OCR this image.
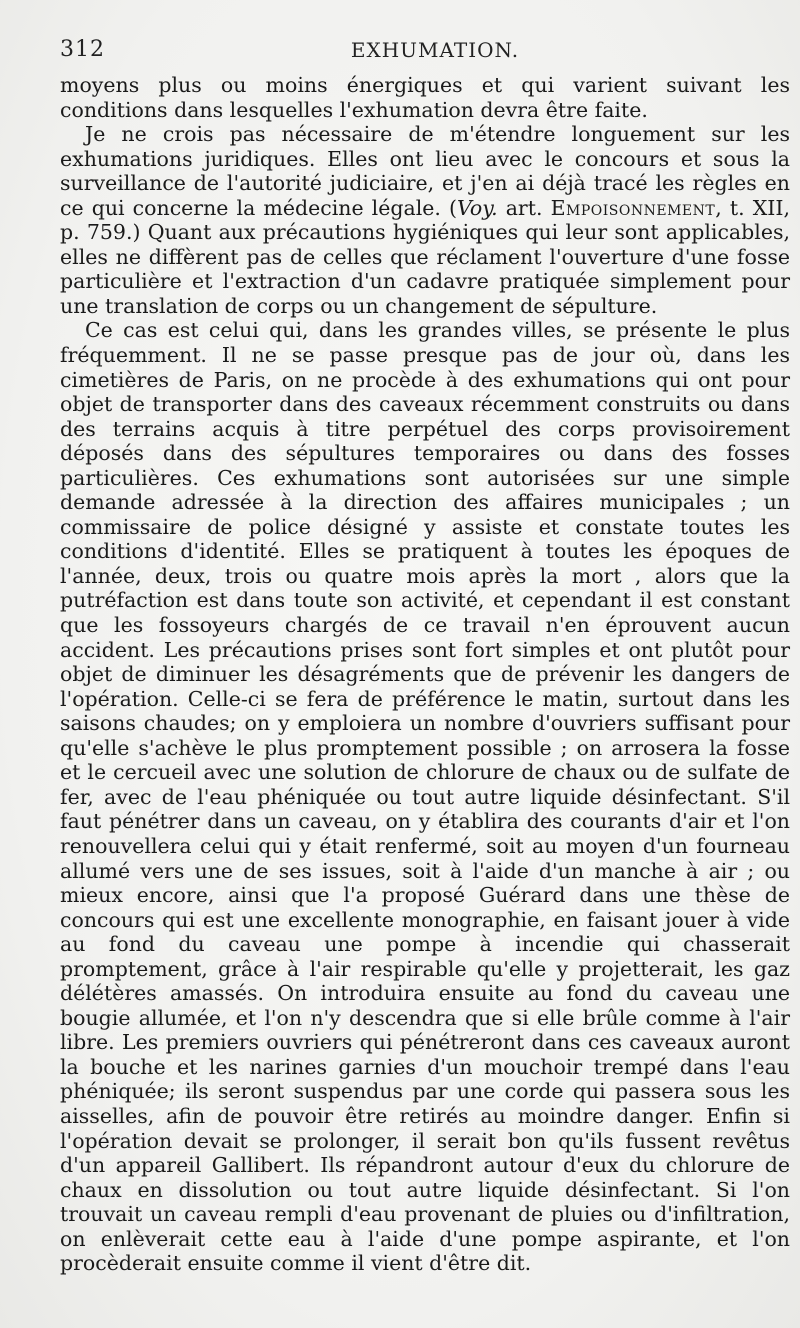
312	EXHUMATION.

moyens plus ou moins énergiques et qui varient suivant les conditions dans lesquelles l'exhumation devra être faite.

Je ne crois pas nécessaire de m'étendre longuement sur les exhumations juridiques. Elles ont lieu avec le concours et sous la surveillance de l'autorité judiciaire, et j'en ai déjà tracé les règles en ce qui concerne la médecine légale. (Voy. art. Empoisonnement, t. XII, p. 759.) Quant aux précautions hygiéniques qui leur sont applicables, elles ne diffèrent pas de celles que réclament l'ouverture d'une fosse particulière et l'extraction d'un cadavre pratiquée simplement pour une translation de corps ou un changement de sépulture.

Ce cas est celui qui, dans les grandes villes, se présente le plus fréquemment. Il ne se passe presque pas de jour où, dans les cimetières de Paris, on ne procède à des exhumations qui ont pour objet de transporter dans des caveaux récemment construits ou dans des terrains acquis à titre perpétuel des corps provisoirement déposés dans des sépultures temporaires ou dans des fosses particulières. Ces exhumations sont autorisées sur une simple demande adressée à la direction des affaires municipales ; un commissaire de police désigné y assiste et constate toutes les conditions d'identité. Elles se pratiquent à toutes les époques de l'année, deux, trois ou quatre mois après la mort , alors que la putréfaction est dans toute son activité, et cependant il est constant que les fossoyeurs chargés de ce travail n'en éprouvent aucun accident. Les précautions prises sont fort simples et ont plutôt pour objet de diminuer les désagréments que de prévenir les dangers de l'opération. Celle-ci se fera de préférence le matin, surtout dans les saisons chaudes; on y emploiera un nombre d'ouvriers suffisant pour qu'elle s'achève le plus promptement possible ; on arrosera la fosse et le cercueil avec une solution de chlorure de chaux ou de sulfate de fer, avec de l'eau phéniquée ou tout autre liquide désinfectant. S'il faut pénétrer dans un caveau, on y établira des courants d'air et l'on renouvellera celui qui y était renfermé, soit au moyen d'un fourneau allumé vers une de ses issues, soit à l'aide d'un manche à air ; ou mieux encore, ainsi que l'a proposé Guérard dans une thèse de concours qui est une excellente monographie, en faisant jouer à vide au fond du caveau une pompe à incendie qui chasserait promptement, grâce à l'air respirable qu'elle y projetterait, les gaz délétères amassés. On introduira ensuite au fond du caveau une bougie allumée, et l'on n'y descendra que si elle brûle comme à l'air libre. Les premiers ouvriers qui pénétreront dans ces caveaux auront la bouche et les narines garnies d'un mouchoir trempé dans l'eau phéniquée; ils seront suspendus par une corde qui passera sous les aisselles, afin de pouvoir être retirés au moindre danger. Enfin si l'opération devait se prolonger, il serait bon qu'ils fussent revêtus d'un appareil Gallibert. Ils répandront autour d'eux du chlorure de chaux en dissolution ou tout autre liquide désinfectant. Si l'on trouvait un caveau rempli d'eau provenant de pluies ou d'infiltration, on enlèverait cette eau à l'aide d'une pompe aspirante, et l'on procèderait ensuite comme il vient d'être dit.
